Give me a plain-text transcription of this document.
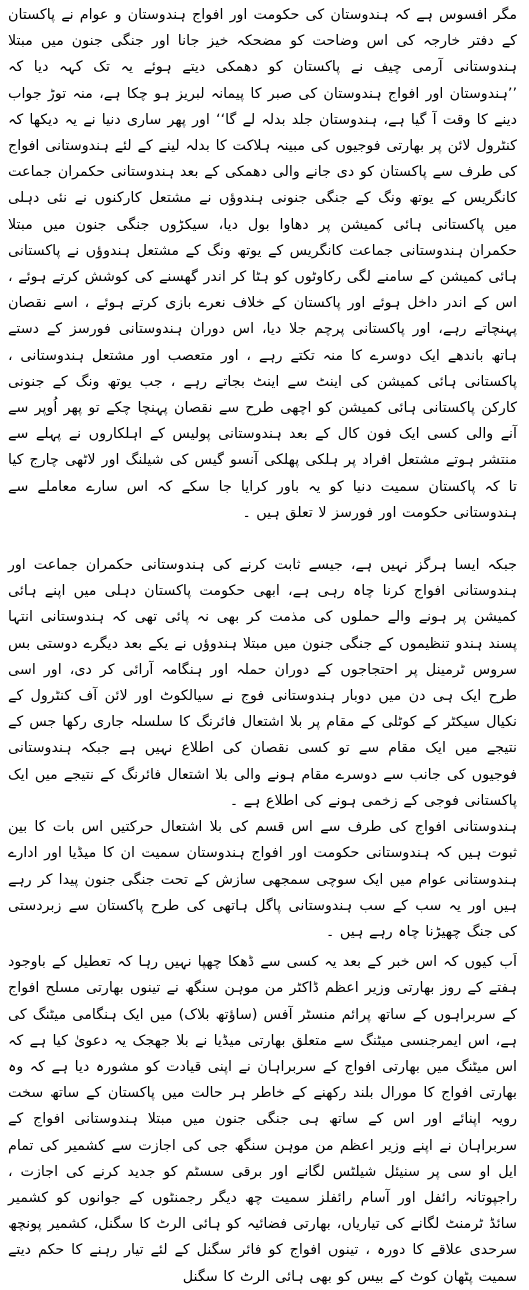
مگر افسوس ہے کہ ہندوستان کی حکومت اور افواج ہندوستان و عوام نے پاکستان کے دفتر خارجہ کی اس وضاحت کو مضحکہ خیز جانا اور جنگی جنون میں مبتلا ہندوستانی آرمی چیف نے پاکستان کو دھمکی دیتے ہوئے یہ تک کہہ دیا کہ ’’ہندوستان اور افواج ہندوستان کی صبر کا پیمانہ لبریز ہو چکا ہے، منہ توڑ جواب دینے کا وقت آ گیا ہے، ہندوستان جلد بدلہ لے گا‘‘ اور پھر ساری دنیا نے یہ دیکھا کہ کنٹرول لائن پر بھارتی فوجیوں کی مبینہ ہلاکت کا بدلہ لینے کے لئے ہندوستانی افواج کی طرف سے پاکستان کو دی جانے والی دھمکی کے بعد ہندوستانی حکمران جماعت کانگریس کے یوتھ ونگ کے جنگی جنونی ہندوؤں نے مشتعل کارکنوں نے نئی دہلی میں پاکستانی ہائی کمیشن پر دھاوا بول دیا، سیکڑوں جنگی جنون میں مبتلا حکمران ہندوستانی جماعت کانگریس کے یوتھ ونگ کے مشتعل ہندوؤں نے پاکستانی ہائی کمیشن کے سامنے لگی رکاوٹوں کو ہٹا کر اندر گھسنے کی کوشش کرتے ہوئے ، اس کے اندر داخل ہوئے اور پاکستان کے خلاف نعرے بازی کرتے ہوئے ، اسے نقصان پہنچاتے رہے، اور پاکستانی پرچم جلا دیا، اس دوران ہندوستانی فورسز کے دستے ہاتھ باندھے ایک دوسرے کا منہ تکتے رہے ، اور متعصب اور مشتعل ہندوستانی ، پاکستانی ہائی کمیشن کی اینٹ سے اینٹ بجاتے رہے ، جب یوتھ ونگ کے جنونی کارکن پاکستانی ہائی کمیشن کو اچھی طرح سے نقصان پہنچا چکے تو پھر اُوپر سے آنے والی کسی ایک فون کال کے بعد ہندوستانی پولیس کے اہلکاروں نے پہلے سے منتشر ہوتے مشتعل افراد پر ہلکی پھلکی آنسو گیس کی شیلنگ اور لاٹھی چارج کیا تا کہ پاکستان سمیت دنیا کو یہ باور کرایا جا سکے کہ اس سارے معاملے سے ہندوستانی حکومت اور فورسز لا تعلق ہیں ۔

جبکہ ایسا ہرگز نہیں ہے، جیسے ثابت کرنے کی ہندوستانی حکمران جماعت اور ہندوستانی افواج کرنا چاہ رہی ہے، ابھی حکومت پاکستان دہلی میں اپنے ہائی کمیشن پر ہونے والے حملوں کی مذمت کر بھی نہ پائی تھی کہ ہندوستانی انتہا پسند ہندو تنظیموں کے جنگی جنون میں مبتلا ہندوؤں نے یکے بعد دیگرے دوستی بس سروس ٹرمینل پر احتجاجوں کے دوران حملہ اور ہنگامہ آرائی کر دی، اور اسی طرح ایک ہی دن میں دوبار ہندوستانی فوج نے سیالکوٹ اور لائن آف کنٹرول کے نکیال سیکٹر کے کوٹلی کے مقام پر بلا اشتعال فائرنگ کا سلسلہ جاری رکھا جس کے نتیجے میں ایک مقام سے تو کسی نقصان کی اطلاع نہیں ہے جبکہ ہندوستانی فوجیوں کی جانب سے دوسرے مقام ہونے والی بلا اشتعال فائرنگ کے نتیجے میں ایک پاکستانی فوجی کے زخمی ہونے کی اطلاع ہے ۔

ہندوستانی افواج کی طرف سے اس قسم کی بلا اشتعال حرکتیں اس بات کا بین ثبوت ہیں کہ ہندوستانی حکومت اور افواج ہندوستان سمیت ان کا میڈیا اور ادارے ہندوستانی عوام میں ایک سوچی سمجھی سازش کے تحت جنگی جنون پیدا کر رہے ہیں اور یہ سب کے سب ہندوستانی پاگل ہاتھی کی طرح پاکستان سے زبردستی کی جنگ چھیڑنا چاہ رہے ہیں ۔

اَب کیوں کہ اس خبر کے بعد یہ کسی سے ڈھکا چھپا نہیں رہا کہ تعطیل کے باوجود ہفتے کے روز بھارتی وزیر اعظم ڈاکٹر من موہن سنگھ نے تینوں بھارتی مسلح افواج کے سربراہوں کے ساتھ پرائم منسٹر آفس (ساؤتھ بلاک) میں ایک ہنگامی میٹنگ کی ہے، اس ایمرجنسی میٹنگ سے متعلق بھارتی میڈیا نے بلا جھجک یہ دعویٰ کیا ہے کہ اس میٹنگ میں بھارتی افواج کے سربراہان نے اپنی قیادت کو مشورہ دیا ہے کہ وہ بھارتی افواج کا مورال بلند رکھنے کے خاطر ہر حالت میں پاکستان کے ساتھ سخت رویہ اپنائے اور اس کے ساتھ ہی جنگی جنون میں مبتلا ہندوستانی افواج کے سربراہان نے اپنے وزیر اعظم من موہن سنگھ جی کی اجازت سے کشمیر کی تمام ایل او سی پر سنیئل شیلٹس لگانے اور برقی سسٹم کو جدید کرنے کی اجازت ، راجپوتانہ رائفل اور آسام رائفلز سمیت چھ دیگر رجمنٹوں کے جوانوں کو کشمیر سائڈ ٹرمنٹ لگانے کی تیاریاں، بھارتی فضائیہ کو ہائی الرٹ کا سگنل، کشمیر پونچھ سرحدی علاقے کا دورہ ، تینوں افواج کو فائر سگنل کے لئے تیار رہنے کا حکم دیتے سمیت پٹھان کوٹ کے بیس کو بھی ہائی الرٹ کا سگنل
